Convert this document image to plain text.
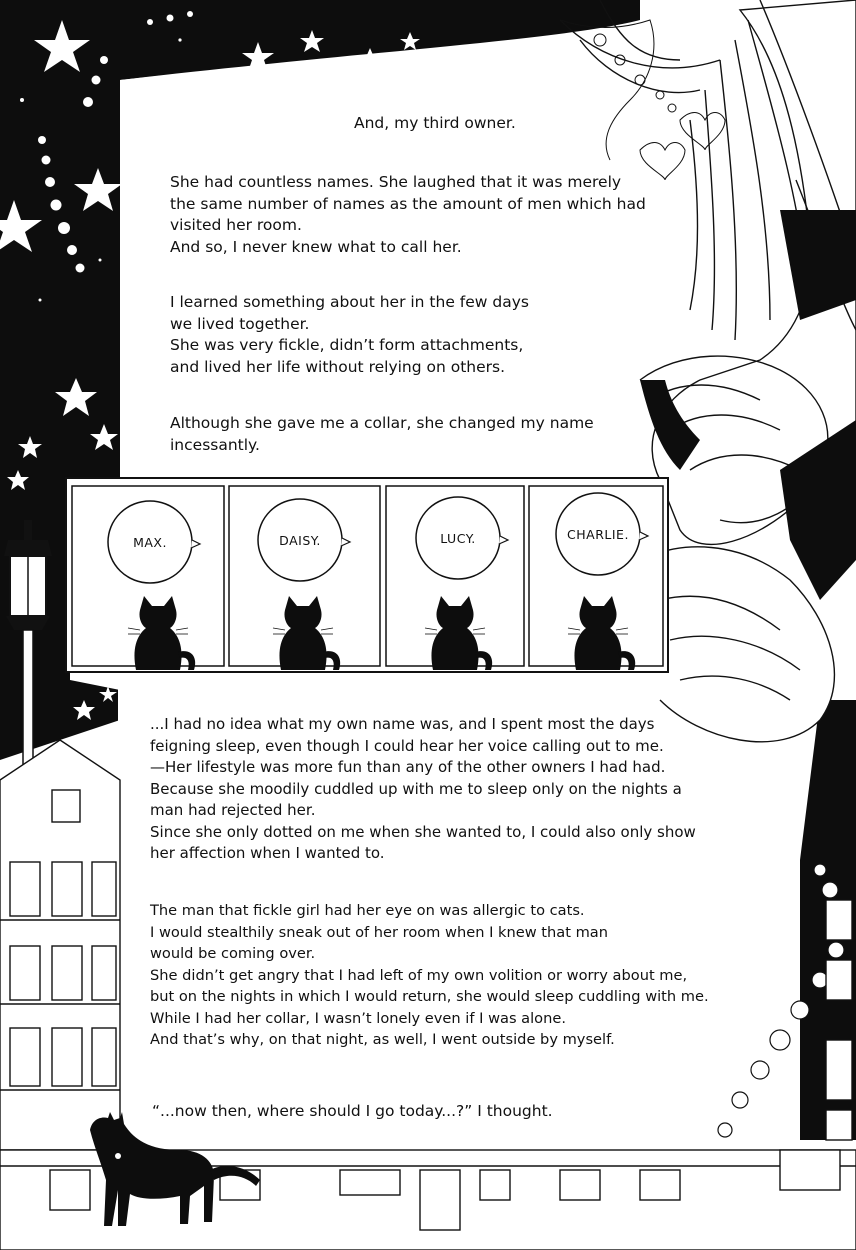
MAX.	DAISY.	LUCY.	CHARLIE.
And, my third owner.

She had countless names. She laughed that it was merely

the same number of names as the amount of men which had

visited her room.

And so, I never knew what to call her.

I learned something about her in the few days

we lived together.

She was very fickle, didn’t form attachments,

and lived her life without relying on others.

Although she gave me a collar, she changed my name

incessantly.

...I had no idea what my own name was, and I spent most the days

feigning sleep, even though I could hear her voice calling out to me.

—Her lifestyle was more fun than any of the other owners I had had.

Because she moodily cuddled up with me to sleep only on the nights a

man had rejected her.

Since she only dotted on me when she wanted to, I could also only show

her affection when I wanted to.

The man that fickle girl had her eye on was allergic to cats.

I would stealthily sneak out of her room when I knew that man

would be coming over.

She didn’t get angry that I had left of my own volition or worry about me,

but on the nights in which I would return, she would sleep cuddling with me.

While I had her collar, I wasn’t lonely even if I was alone.

And that’s why, on that night, as well, I went outside by myself.

“...now then, where should I go today...?” I thought.
